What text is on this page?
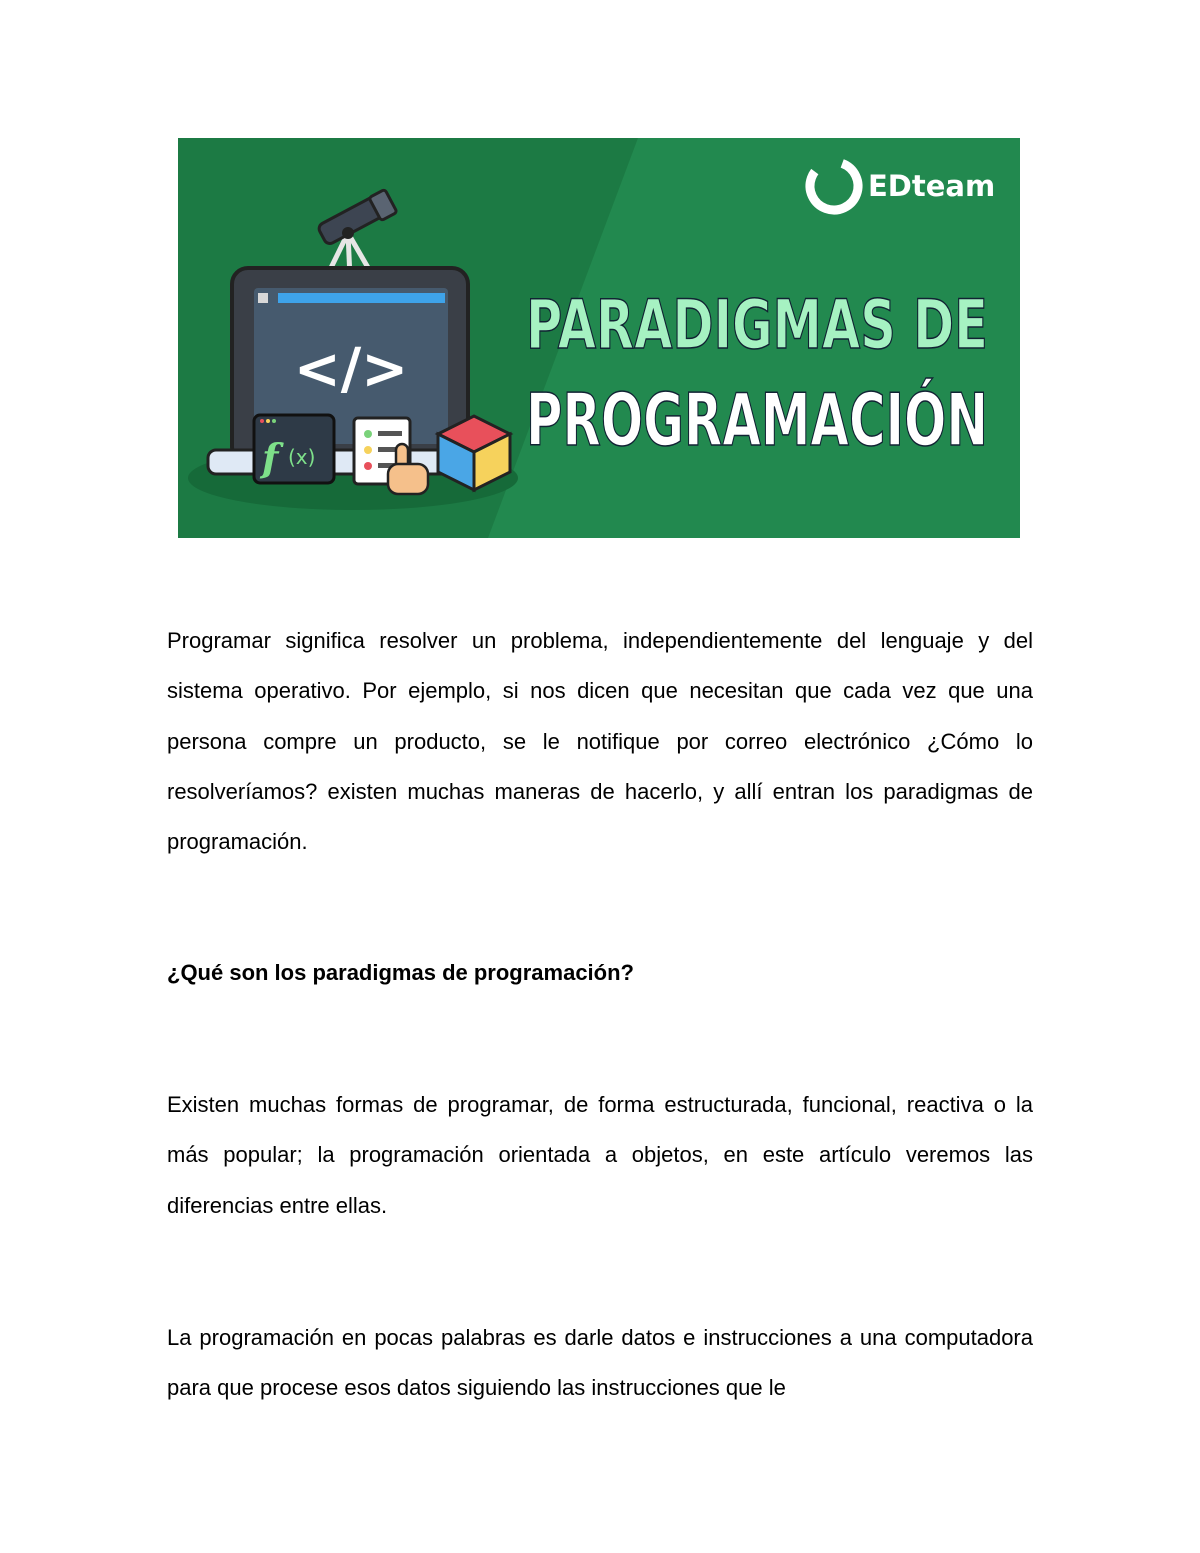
</>
f (x)
EDteam
PARADIGMAS DE
PROGRAMACIÓN

Programar significa resolver un problema, independientemente del lenguaje y del sistema operativo. Por ejemplo, si nos dicen que necesitan que cada vez que una persona compre un producto, se le notifique por correo electrónico ¿Cómo lo resolveríamos? existen muchas maneras de hacerlo, y allí entran los paradigmas de programación.

¿Qué son los paradigmas de programación?

Existen muchas formas de programar, de forma estructurada, funcional, reactiva o la más popular; la programación orientada a objetos, en este artículo veremos las diferencias entre ellas.

La programación en pocas palabras es darle datos e instrucciones a una computadora para que procese esos datos siguiendo las instrucciones que le
